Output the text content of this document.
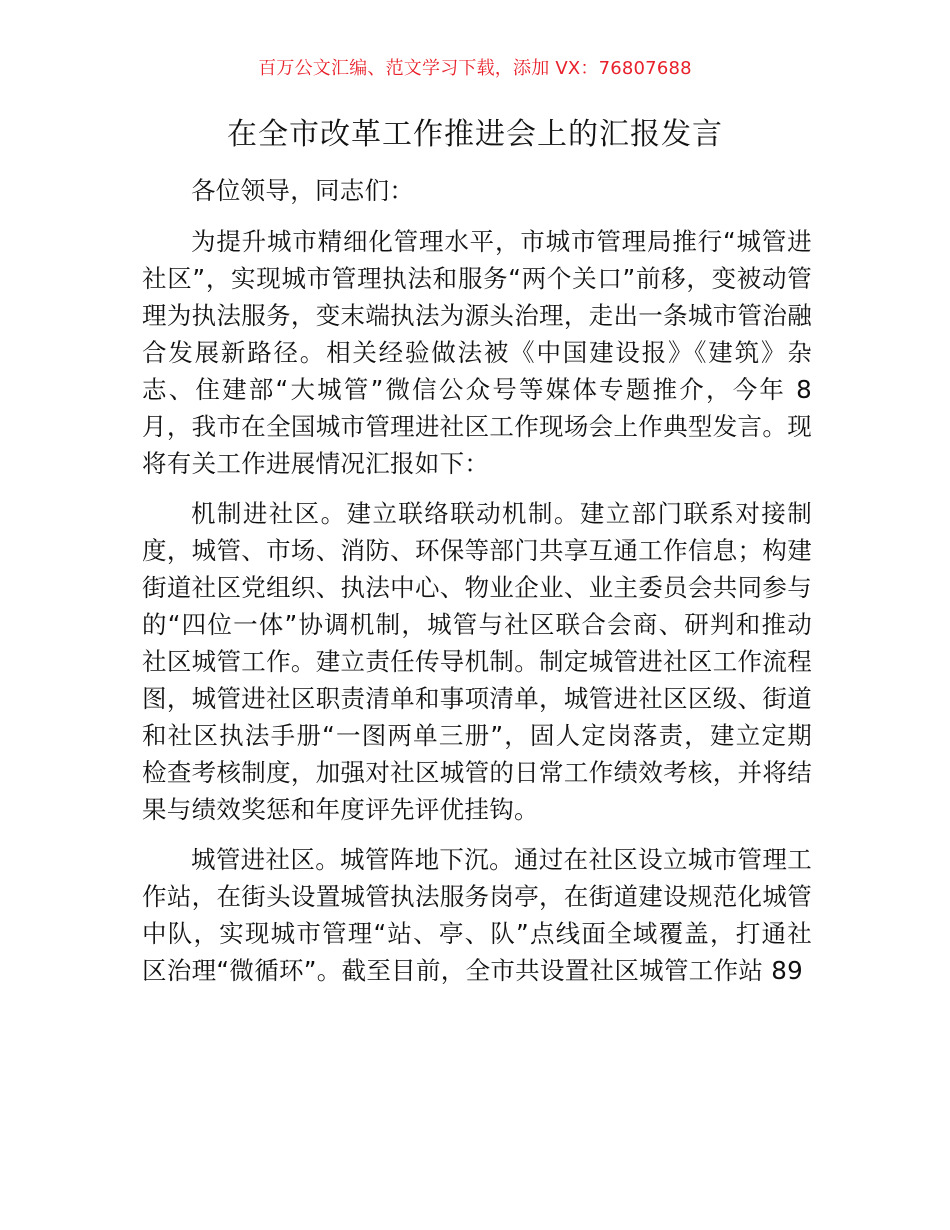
百万公文汇编、范文学习下载，添加 VX：76807688
在全市改革工作推进会上的汇报发言

各位领导，同志们：

为提升城市精细化管理水平，市城市管理局推行“城管进社区”，实现城市管理执法和服务“两个关口”前移，变被动管理为执法服务，变末端执法为源头治理，走出一条城市管治融合发展新路径。相关经验做法被《中国建设报》《建筑》杂志、住建部“大城管”微信公众号等媒体专题推介，今年 8 月，我市在全国城市管理进社区工作现场会上作典型发言。现将有关工作进展情况汇报如下：

机制进社区。建立联络联动机制。建立部门联系对接制度，城管、市场、消防、环保等部门共享互通工作信息；构建街道社区党组织、执法中心、物业企业、业主委员会共同参与的“四位一体”协调机制，城管与社区联合会商、研判和推动社区城管工作。建立责任传导机制。制定城管进社区工作流程图，城管进社区职责清单和事项清单，城管进社区区级、街道和社区执法手册“一图两单三册”，固人定岗落责，建立定期检查考核制度，加强对社区城管的日常工作绩效考核，并将结果与绩效奖惩和年度评先评优挂钩。

城管进社区。城管阵地下沉。通过在社区设立城市管理工作站，在街头设置城管执法服务岗亭，在街道建设规范化城管中队，实现城市管理“站、亭、队”点线面全域覆盖，打通社区治理“微循环”。截至目前，全市共设置社区城管工作站 89
